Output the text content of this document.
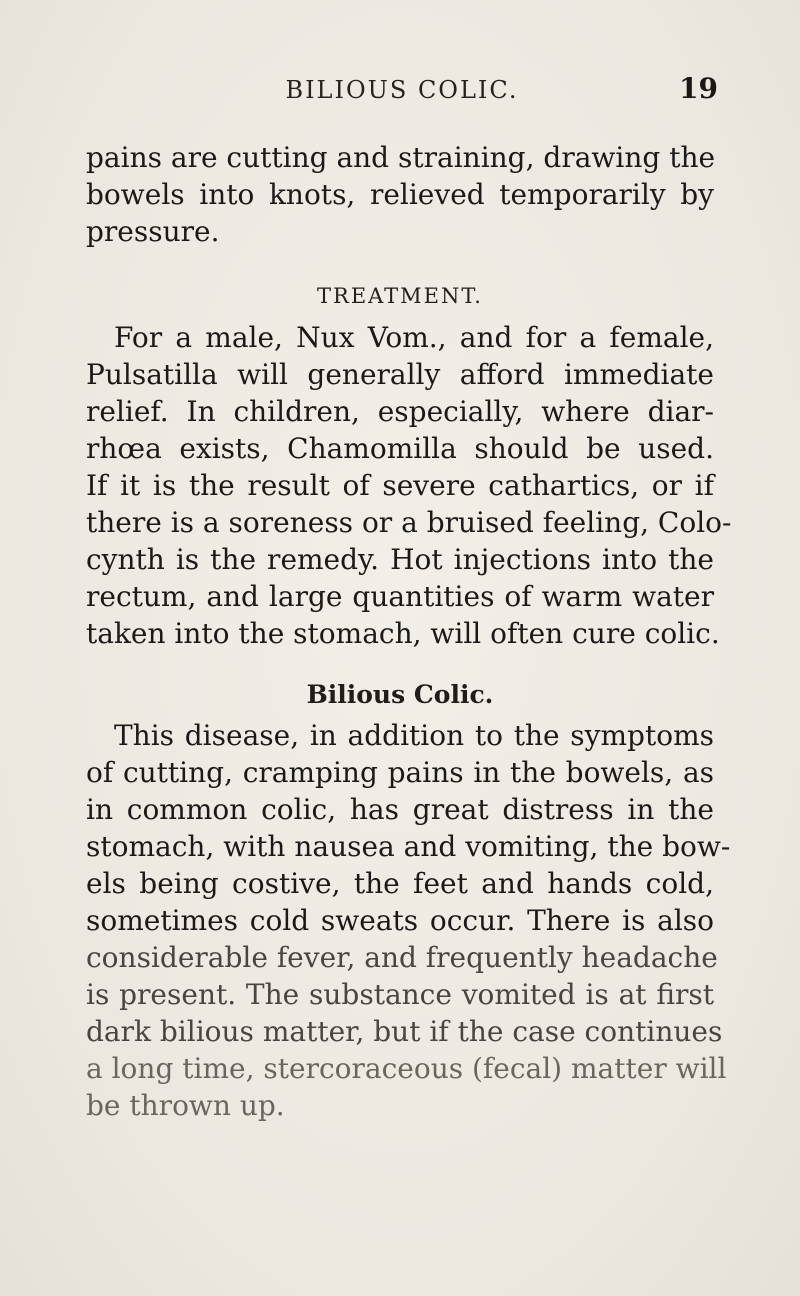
BILIOUS COLIC.	19
pains are cutting and straining, drawing the
bowels into knots, relieved temporarily by
pressure.
TREATMENT.
For a male, Nux Vom., and for a female,
Pulsatilla will generally afford immediate
relief. In children, especially, where diar-
rhœa exists, Chamomilla should be used.
If it is the result of severe cathartics, or if
there is a soreness or a bruised feeling, Colo-
cynth is the remedy. Hot injections into the
rectum, and large quantities of warm water
taken into the stomach, will often cure colic.
Bilious Colic.
This disease, in addition to the symptoms
of cutting, cramping pains in the bowels, as
in common colic, has great distress in the
stomach, with nausea and vomiting, the bow-
els being costive, the feet and hands cold,
sometimes cold sweats occur. There is also
considerable fever, and frequently headache
is present. The substance vomited is at first
dark bilious matter, but if the case continues
a long time, stercoraceous (fecal) matter will
be thrown up.
